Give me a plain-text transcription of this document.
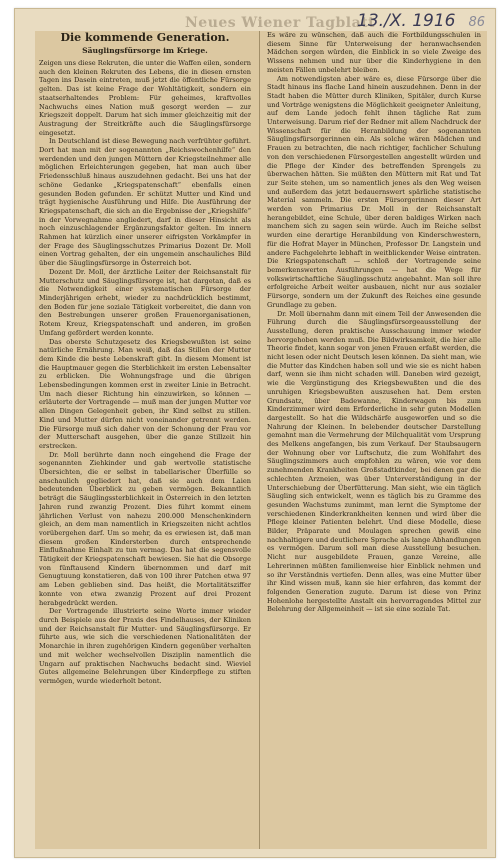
Neues Wiener Tagblatt
13./X. 1916 86
Die kommende Generation.
Säuglingsfürsorge im Kriege.

Zeigen uns diese Rekruten, die unter die Waffen eilen, sondern auch den kleinen Rekruten des Lebens, die in diesen ernsten Tagen ins Dasein eintreten, muß jetzt die öffentliche Fürsorge gelten. Das ist keine Frage der Wohltätigkeit, sondern ein staatserhaltendes Problem: Für geheimes, kraftvolles Nachwuchs eines Nation muß gesorgt werden — zur Kriegszeit doppelt. Darum hat sich immer gleichzeitig mit der Austragung der Streitkräfte auch die Säuglingsfürsorge eingesetzt.

In Deutschland ist diese Bewegung nach verfrühter geführt. Dort hat man mit der sogenannten „Reichswochenhilfe“ den werdenden und den jungen Müttern der Kriegsteilnehmer alle möglichen Erleichterungen gegeben, hat man auch über Friedensschluß hinaus auszudehnen gedacht. Bei uns hat der schöne Gedanke „Kriegspatenschaft“ ebenfalls einen gesunden Boden gefunden. Er schützt Mutter und Kind und trägt hygienische Ausführung und Hilfe. Die Ausführung der Kriegspatenschaft, die sich an die Ergebnisse der „Kriegshilfe“ in der Vorwegnahme angliedert, darf in dieser Hinsicht als noch einzuschlagender Ergänzungsfaktor gelten. Im innern Rahmen hat kürzlich einer unserer eifrigsten Vorkämpfer in der Frage des Säuglingsschutzes Primarius Dozent Dr. Moll einen Vortrag gehalten, der ein ungemein anschauliches Bild über die Säuglingsfürsorge in Österreich bot.

Dozent Dr. Moll, der ärztliche Leiter der Reichsanstalt für Mutterschutz und Säuglingsfürsorge ist, hat dargetan, daß es die Notwendigkeit einer systematischen Fürsorge der Minderjährigen erhebt, wieder zu nachdrücklich bestimmt, den Boden für jene soziale Tätigkeit vorbereitet, die dann von den Bestrebungen unserer großen Frauenorganisationen, Rotem Kreuz, Kriegspatenschaft und anderen, im großen Umfang gefördert werden konnte.

Das oberste Schutzgesetz des Kriegsbewußten ist seine natürliche Ernährung. Man weiß, daß das Stillen der Mutter dem Kinde die beste Lebenskraft gibt. In diesem Moment ist die Hauptmauer gegen die Sterblichkeit im ersten Lebensalter zu erblicken. Die Wohnungsfrage und die übrigen Lebensbedingungen kommen erst in zweiter Linie in Betracht. Um nach dieser Richtung hin einzuwirken, so können — erläuterte der Vortragende — muß man der jungen Mutter vor allen Dingen Gelegenheit geben, ihr Kind selbst zu stillen. Kind und Mutter dürfen nicht voneinander getrennt werden. Die Fürsorge muß sich daher von der Schonung der Frau vor der Mutterschaft ausgehen, über die ganze Stillzeit hin erstrecken.

Dr. Moll berührte dann noch eingehend die Frage der sogenannten Ziehkinder und gab wertvolle statistische Übersichten, die er selbst in tabellarischer Überfülle so anschaulich gegliedert hat, daß sie auch dem Laien bedeutenden Überblick zu geben vermögen. Bekanntlich beträgt die Säuglingssterblichkeit in Österreich in den letzten Jahren rund zwanzig Prozent. Dies führt kommt einem jährlichen Verlust von nahezu 200.000 Menschenkindern gleich, an dem man namentlich in Kriegszeiten nicht achtlos vorübergehen darf. Um so mehr, da es erwiesen ist, daß man diesem großen Kindersterben durch entsprechende Einflußnahme Einhalt zu tun vermag. Das hat die segensvolle Tätigkeit der Kriegspatenschaft bewiesen. Sie hat die Obsorge von fünftausend Kindern übernommen und darf mit Genugtuung konstatieren, daß von 100 ihrer Patchen etwa 97 am Leben geblieben sind. Das heißt, die Mortalitätsziffer konnte von etwa zwanzig Prozent auf drei Prozent herabgedrückt werden.

Der Vortragende illustrierte seine Worte immer wieder durch Beispiele aus der Praxis des Findelhauses, der Kliniken und der Reichsanstalt für Mutter- und Säuglingsfürsorge. Er führte aus, wie sich die verschiedenen Nationalitäten der Monarchie in ihren zugehörigen Kindern gegenüber verhalten und mit welcher wechselvollen Disziplin namentlich die Ungarn auf praktischen Nachwuchs bedacht sind. Wieviel Gutes allgemeine Belehrungen über Kinderpflege zu stiften vermögen, wurde wiederholt betont.

Es wäre zu wünschen, daß auch die Fortbildungsschulen in diesem Sinne für Unterweisung der heranwachsenden Mädchen sorgen würden, die Einblick in so viele Zweige des Wissens nehmen und nur über die Kinderhygiene in den meisten Fällen unbelehrt bleiben.

Am notwendigsten aber wäre es, diese Fürsorge über die Stadt hinaus ins flache Land hinein auszudehnen. Denn in der Stadt haben die Mütter durch Kliniken, Spitäler, durch Kurse und Vorträge wenigstens die Möglichkeit geeigneter Anleitung, auf dem Lande jedoch fehlt ihnen tägliche Rat zum Unterweisung. Darum rief der Redner mit allem Nachdruck der Wissenschaft für die Heranbildung der sogenannten Säuglingsfürsorgerinnen ein. Als solche wären Mädchen und Frauen zu betrachten, die nach richtiger, fachlicher Schulung von den verschiedenen Fürsorgestellen angestellt würden und die Pflege der Kinder des betreffenden Sprengels zu überwachen hätten. Sie müßten den Müttern mit Rat und Tat zur Seite stehen, um so namentlich jenes als den Weg weisen und außerdem das jetzt bedauernswert spärliche statistische Material sammeln. Die ersten Fürsorgerinnen dieser Art werden von Primarius Dr. Moll in der Reichsanstalt herangebildet, eine Schule, über deren baldiges Wirken nach manchem sich zu sagen sein würde. Auch im Reiche selbst wurden eine derartige Heranbildung von Kinderschwestern, für die Hofrat Mayer in München, Professor Dr. Langstein und andere Fachgelehrte lebhaft in weitblickender Weise eintraten. Die Kriegspatenschaft — schloß der Vortragende seine bemerkenswerten Ausführungen — hat die Wege für volkswirtschaftliche Säuglingsschutz angebahnt. Man soll ihre erfolgreiche Arbeit weiter ausbauen, nicht nur aus sozialer Fürsorge, sondern um der Zukunft des Reiches eine gesunde Grundlage zu geben.

Dr. Moll übernahm dann mit einem Teil der Anwesenden die Führung durch die Säuglingsfürsorgeausstellung der Ausstellung, deren praktische Ausschauung immer wieder hervorgehoben werden muß. Die Bildwirksamkeit, die hier alle Theorie findet, kann sogar von jenen Frauen erfaßt werden, die nicht lesen oder nicht Deutsch lesen können. Da sieht man, wie die Mutter das Kindchen haben soll und wie sie es nicht haben darf, wenn sie ihm nicht schaden will. Daneben wird gezeigt, wie die Vergünstigung des Kriegsbewußten und die des unruhigen Kriegsbewußten auszusehen hat. Dem ersten Grundsatz, über Badewanne, Kinderwagen bis zum Kinderzimmer wird dem Erforderliche in sehr guten Modellen dargestellt. So hat die Wildschärfe ausgeworfen und so die Nahrung der Kleinen. In belebender deutscher Darstellung gemahnt man die Vermehrung der Milchqualität vom Ursprung des Melkens angefangen, bis zum Verkauf. Der Staubsaugern der Wohnung ober vor Luftschutz, die zum Wohlfahrt des Säuglingszimmers auch empfohlen zu wären, wie vor dem zunehmenden Krankheiten Großstadtkinder, bei denen gar die schlechten Arzneien, was über Unterverständigung in der Unterschiebung der Überfütterung. Man sieht, wie ein täglich Säugling sich entwickelt, wenn es täglich bis zu Gramme des gesunden Wachstums zunimmt, man lernt die Symptome der verschiedenen Kinderkrankheiten kennen und wird über die Pflege kleiner Patienten belehrt. Und diese Modelle, diese Bilder, Präparate und Moulagen sprechen gewiß eine nachhaltigere und deutlichere Sprache als lange Abhandlungen es vermögen. Darum soll man diese Ausstellung besuchen. Nicht nur ausgebildete Frauen, ganze Vereine, alle Lehrerinnen müßten familienweise hier Einblick nehmen und so ihr Verständnis vertiefen. Denn alles, was eine Mutter über ihr Kind wissen muß, kann sie hier erfahren, das kommt der folgenden Generation zugute. Darum ist diese von Prinz Hohenlohe hergestellte Anstalt ein hervorragendes Mittel zur Belehrung der Allgemeinheit — ist sie eine soziale Tat.
